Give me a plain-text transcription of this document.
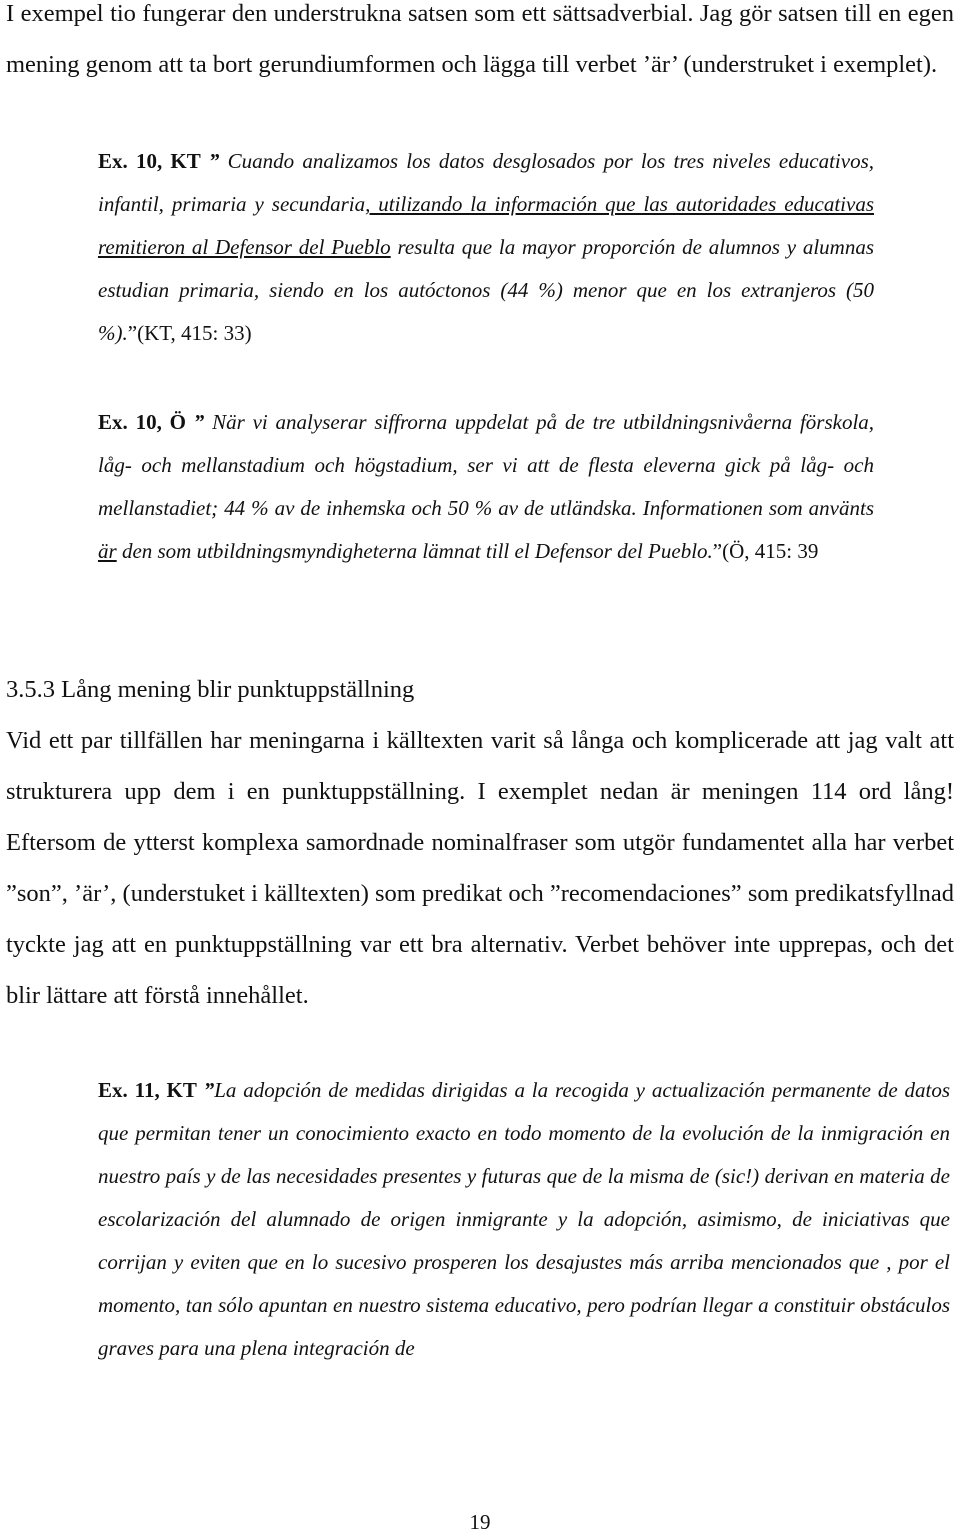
I exempel tio fungerar den understrukna satsen som ett sättsadverbial. Jag gör satsen till en egen mening genom att ta bort gerundiumformen och lägga till verbet ’är’ (understruket i exemplet).

Ex. 10, KT ” Cuando analizamos los datos desglosados por los tres niveles educativos, infantil, primaria y secundaria, utilizando la información que las autoridades educativas remitieron al Defensor del Pueblo resulta que la mayor proporción de alumnos y alumnas estudian primaria, siendo en los autóctonos (44 %) menor que en los extranjeros (50 %).”(KT, 415: 33)

Ex. 10, Ö ” När vi analyserar siffrorna uppdelat på de tre utbildningsnivåerna förskola, låg- och mellanstadium och högstadium, ser vi att de flesta eleverna gick på låg- och mellanstadiet; 44 % av de inhemska och 50 % av de utländska. Informationen som använts är den som utbildningsmyndigheterna lämnat till el Defensor del Pueblo.”(Ö, 415: 39

3.5.3 Lång mening blir punktuppställning

Vid ett par tillfällen har meningarna i källtexten varit så långa och komplicerade att jag valt att strukturera upp dem i en punktuppställning. I exemplet nedan är meningen 114 ord lång! Eftersom de ytterst komplexa samordnade nominalfraser som utgör fundamentet alla har verbet ”son”, ’är’, (understuket i källtexten) som predikat och ”recomendaciones” som predikatsfyllnad tyckte jag att en punktuppställning var ett bra alternativ. Verbet behöver inte upprepas, och det blir lättare att förstå innehållet.

Ex. 11, KT ”La adopción de medidas dirigidas a la recogida y actualización permanente de datos que permitan tener un conocimiento exacto en todo momento de la evolución de la inmigración en nuestro país y de las necesidades presentes y futuras que de la misma de (sic!) derivan en materia de escolarización del alumnado de origen inmigrante y la adopción, asimismo, de iniciativas que corrijan y eviten que en lo sucesivo prosperen los desajustes más arriba mencionados que , por el momento, tan sólo apuntan en nuestro sistema educativo, pero podrían llegar a constituir obstáculos graves para una plena integración de

19
